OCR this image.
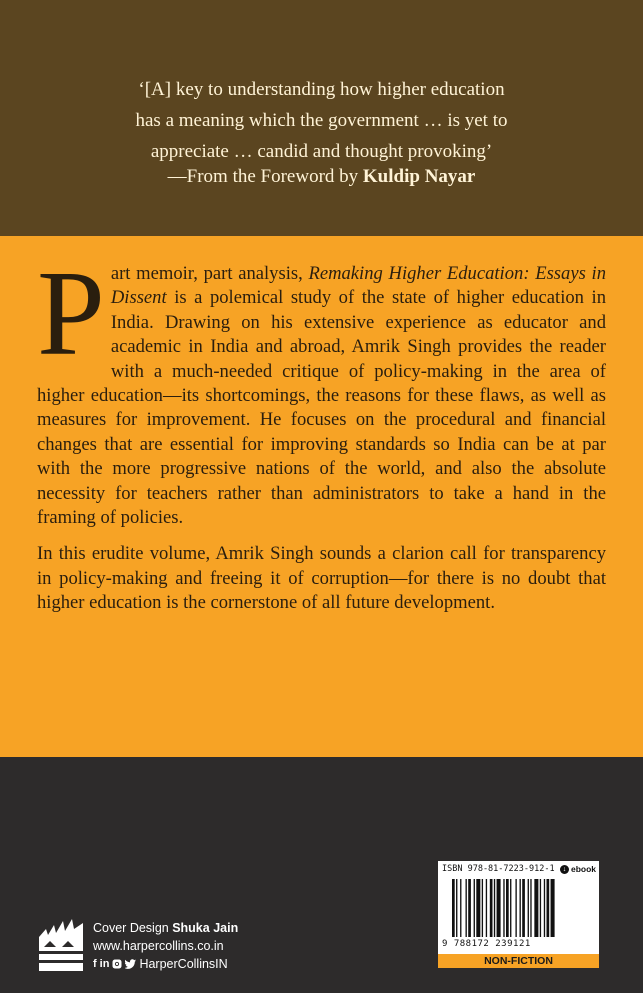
‘[A] key to understanding how higher education
has a meaning which the government … is yet to
appreciate … candid and thought provoking’
—From the Foreword by Kuldip Nayar

Part memoir, part analysis, Remaking Higher Education: Essays in Dissent is a polemical study of the state of higher education in India. Drawing on his extensive experience as educator and academic in India and abroad, Amrik Singh provides the reader with a much-needed critique of policy-making in the area of higher education—its shortcomings, the reasons for these flaws, as well as measures for improvement. He focuses on the procedural and financial changes that are essential for improving standards so India can be at par with the more progressive nations of the world, and also the absolute necessity for teachers rather than administrators to take a hand in the framing of policies.

In this erudite volume, Amrik Singh sounds a clarion call for transparency in policy-making and freeing it of corruption—for there is no doubt that higher education is the cornerstone of all future development.

Cover Design Shuka Jain
www.harpercollins.co.in
f in HarperCollinsIN
ISBN 978-81-7223-912-1	↓ ebook
9 788172 239121
NON-FICTION
